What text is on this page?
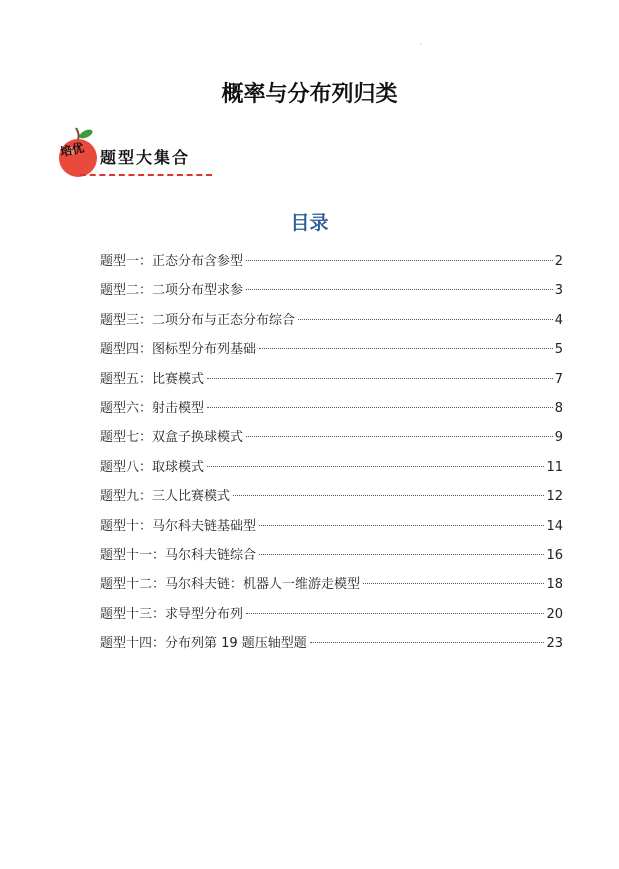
'
概率与分布列归类
培优 题型大集合
目录
题型一：正态分布含参型	2
题型二：二项分布型求参	3
题型三：二项分布与正态分布综合	4
题型四：图标型分布列基础	5
题型五：比赛模式	7
题型六：射击模型	8
题型七：双盒子换球模式	9
题型八：取球模式	11
题型九：三人比赛模式	12
题型十：马尔科夫链基础型	14
题型十一：马尔科夫链综合	16
题型十二：马尔科夫链：机器人一维游走模型	18
题型十三：求导型分布列	20
题型十四：分布列第 19 题压轴型题	23
